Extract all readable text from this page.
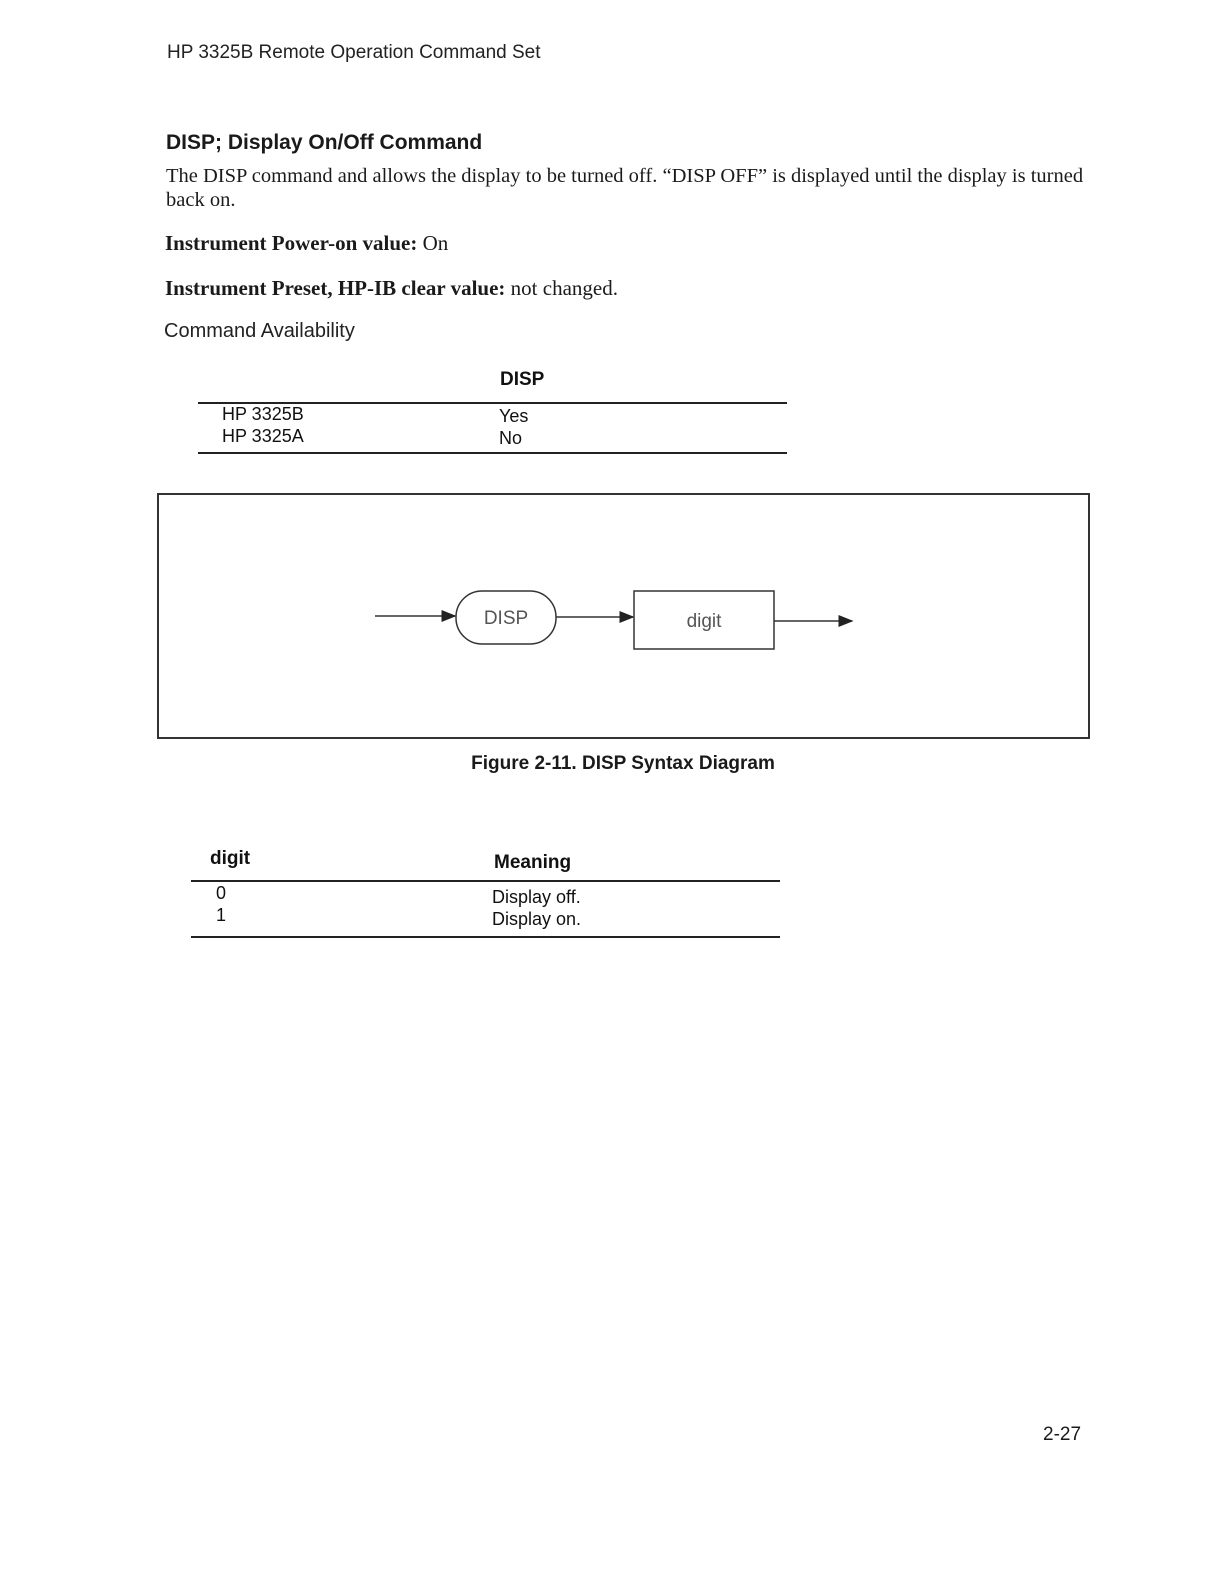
HP 3325B Remote Operation Command Set
DISP; Display On/Off Command
The DISP command and allows the display to be turned off. “DISP OFF” is displayed until the display is turned back on.
Instrument Power-on value: On
Instrument Preset, HP-IB clear value: not changed.
Command Availability
DISP
HP 3325B	Yes
HP 3325A	No
DISP	digit
Figure 2-11. DISP Syntax Diagram
digit	Meaning
0	Display off.
1	Display on.
2-27
